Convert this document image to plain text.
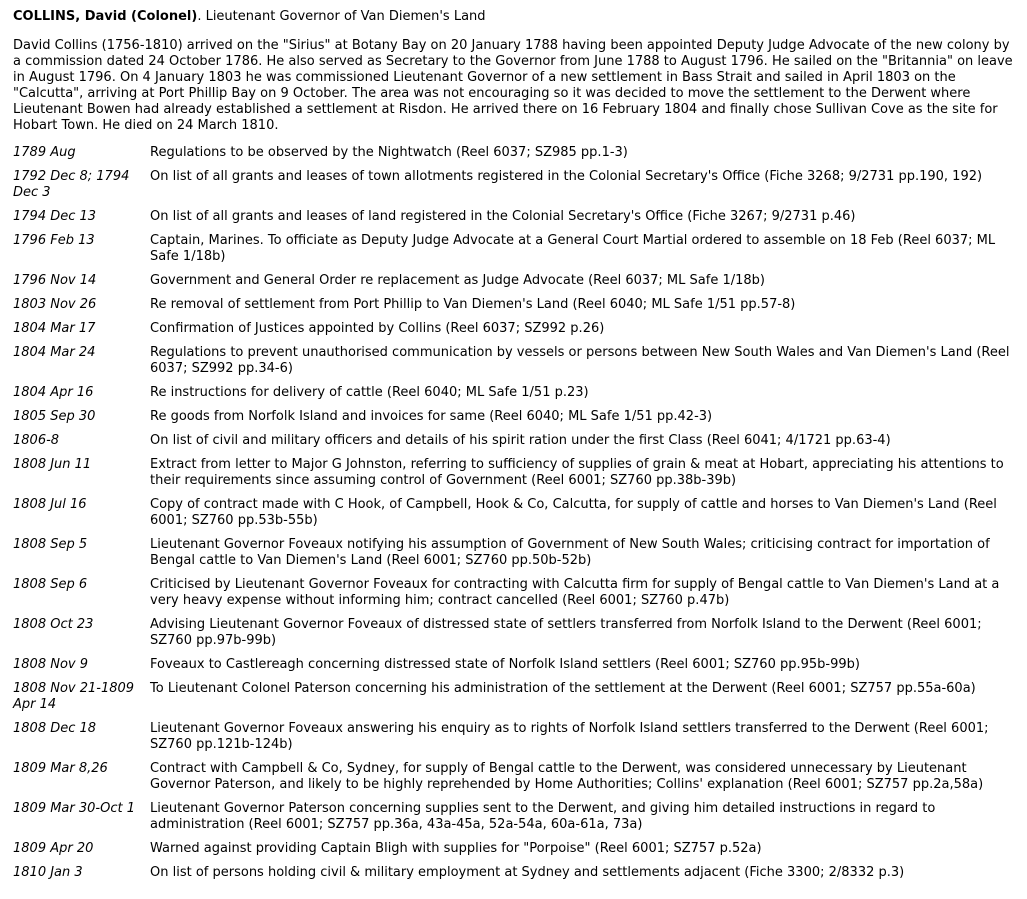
COLLINS, David (Colonel). Lieutenant Governor of Van Diemen's Land

David Collins (1756-1810) arrived on the "Sirius" at Botany Bay on 20 January 1788 having been appointed Deputy Judge Advocate of the new colony by a commission dated 24 October 1786. He also served as Secretary to the Governor from June 1788 to August 1796. He sailed on the "Britannia" on leave in August 1796. On 4 January 1803 he was commissioned Lieutenant Governor of a new settlement in Bass Strait and sailed in April 1803 on the "Calcutta", arriving at Port Phillip Bay on 9 October. The area was not encouraging so it was decided to move the settlement to the Derwent where Lieutenant Bowen had already established a settlement at Risdon. He arrived there on 16 February 1804 and finally chose Sullivan Cove as the site for Hobart Town. He died on 24 March 1810.

1789 Aug	Regulations to be observed by the Nightwatch (Reel 6037; SZ985 pp.1-3)
1792 Dec 8; 1794 Dec 3	On list of all grants and leases of town allotments registered in the Colonial Secretary's Office (Fiche 3268; 9/2731 pp.190, 192)
1794 Dec 13	On list of all grants and leases of land registered in the Colonial Secretary's Office (Fiche 3267; 9/2731 p.46)
1796 Feb 13	Captain, Marines. To officiate as Deputy Judge Advocate at a General Court Martial ordered to assemble on 18 Feb (Reel 6037; ML Safe 1/18b)
1796 Nov 14	Government and General Order re replacement as Judge Advocate (Reel 6037; ML Safe 1/18b)
1803 Nov 26	Re removal of settlement from Port Phillip to Van Diemen's Land (Reel 6040; ML Safe 1/51 pp.57-8)
1804 Mar 17	Confirmation of Justices appointed by Collins (Reel 6037; SZ992 p.26)
1804 Mar 24	Regulations to prevent unauthorised communication by vessels or persons between New South Wales and Van Diemen's Land (Reel 6037; SZ992 pp.34-6)
1804 Apr 16	Re instructions for delivery of cattle (Reel 6040; ML Safe 1/51 p.23)
1805 Sep 30	Re goods from Norfolk Island and invoices for same (Reel 6040; ML Safe 1/51 pp.42-3)
1806-8	On list of civil and military officers and details of his spirit ration under the first Class (Reel 6041; 4/1721 pp.63-4)
1808 Jun 11	Extract from letter to Major G Johnston, referring to sufficiency of supplies of grain & meat at Hobart, appreciating his attentions to their requirements since assuming control of Government (Reel 6001; SZ760 pp.38b-39b)
1808 Jul 16	Copy of contract made with C Hook, of Campbell, Hook & Co, Calcutta, for supply of cattle and horses to Van Diemen's Land (Reel 6001; SZ760 pp.53b-55b)
1808 Sep 5	Lieutenant Governor Foveaux notifying his assumption of Government of New South Wales; criticising contract for importation of Bengal cattle to Van Diemen's Land (Reel 6001; SZ760 pp.50b-52b)
1808 Sep 6	Criticised by Lieutenant Governor Foveaux for contracting with Calcutta firm for supply of Bengal cattle to Van Diemen's Land at a very heavy expense without informing him; contract cancelled (Reel 6001; SZ760 p.47b)
1808 Oct 23	Advising Lieutenant Governor Foveaux of distressed state of settlers transferred from Norfolk Island to the Derwent (Reel 6001; SZ760 pp.97b-99b)
1808 Nov 9	Foveaux to Castlereagh concerning distressed state of Norfolk Island settlers (Reel 6001; SZ760 pp.95b-99b)
1808 Nov 21-1809 Apr 14	To Lieutenant Colonel Paterson concerning his administration of the settlement at the Derwent (Reel 6001; SZ757 pp.55a-60a)
1808 Dec 18	Lieutenant Governor Foveaux answering his enquiry as to rights of Norfolk Island settlers transferred to the Derwent (Reel 6001; SZ760 pp.121b-124b)
1809 Mar 8,26	Contract with Campbell & Co, Sydney, for supply of Bengal cattle to the Derwent, was considered unnecessary by Lieutenant Governor Paterson, and likely to be highly reprehended by Home Authorities; Collins' explanation (Reel 6001; SZ757 pp.2a,58a)
1809 Mar 30-Oct 1	Lieutenant Governor Paterson concerning supplies sent to the Derwent, and giving him detailed instructions in regard to administration (Reel 6001; SZ757 pp.36a, 43a-45a, 52a-54a, 60a-61a, 73a)
1809 Apr 20	Warned against providing Captain Bligh with supplies for "Porpoise" (Reel 6001; SZ757 p.52a)
1810 Jan 3	On list of persons holding civil & military employment at Sydney and settlements adjacent (Fiche 3300; 2/8332 p.3)
